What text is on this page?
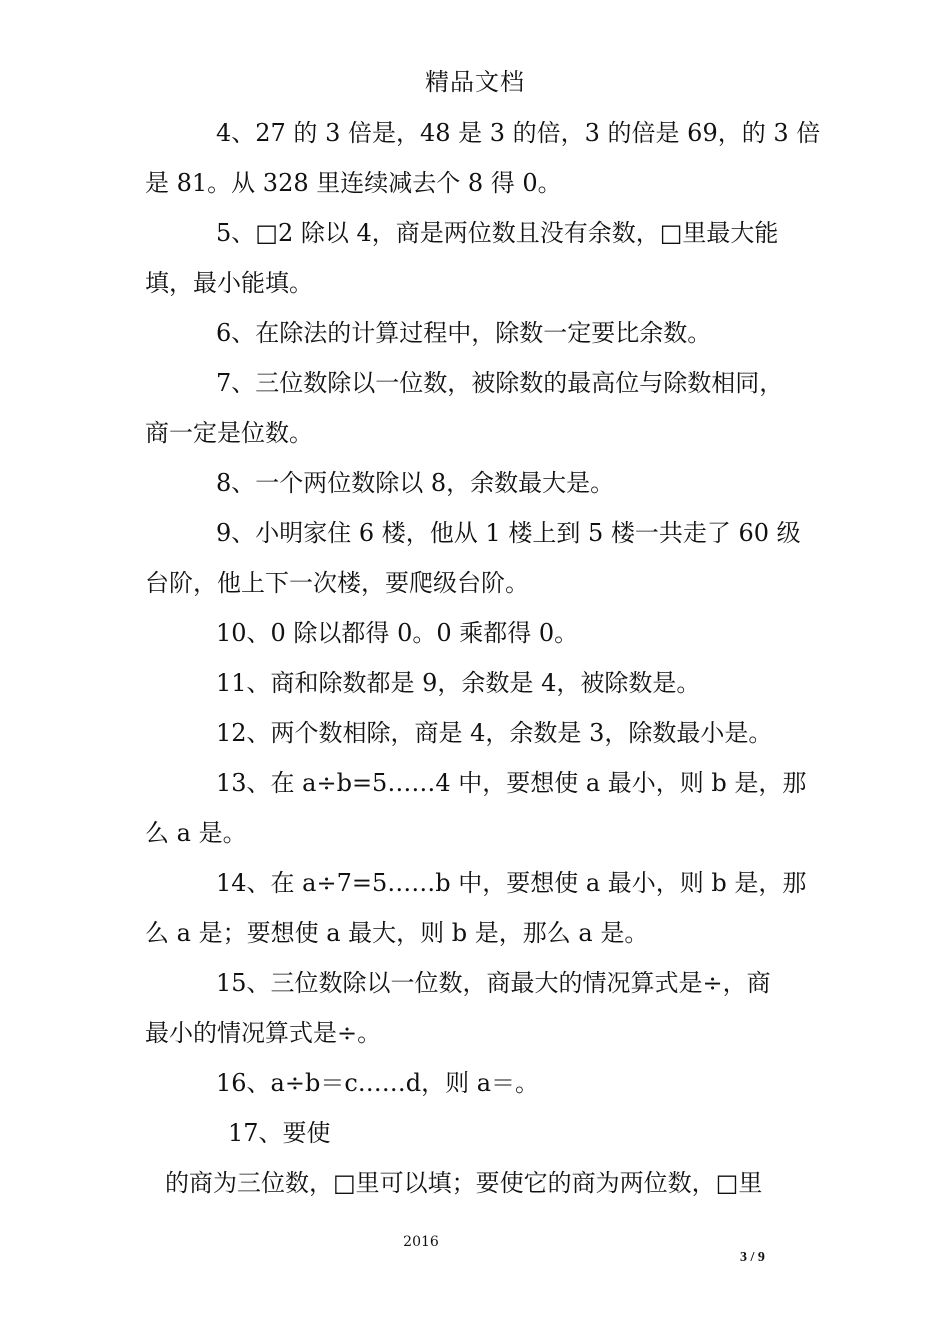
精品文档
4、27 的 3 倍是，48 是 3 的倍，3 的倍是 69，的 3 倍
是 81。从 328 里连续减去个 8 得 0。
5、□2 除以 4，商是两位数且没有余数，□里最大能
填，最小能填。
6、在除法的计算过程中，除数一定要比余数。
7、三位数除以一位数，被除数的最高位与除数相同，
商一定是位数。
8、一个两位数除以 8，余数最大是。
9、小明家住 6 楼，他从 1 楼上到 5 楼一共走了 60 级
台阶，他上下一次楼，要爬级台阶。
10、0 除以都得 0。0 乘都得 0。
11、商和除数都是 9，余数是 4，被除数是。
12、两个数相除，商是 4，余数是 3，除数最小是。
13、在 a÷b=5……4 中，要想使 a 最小，则 b 是，那
么 a 是。
14、在 a÷7=5……b 中，要想使 a 最小，则 b 是，那
么 a 是；要想使 a 最大，则 b 是，那么 a 是。
15、三位数除以一位数，商最大的情况算式是÷，商
最小的情况算式是÷。
16、a÷b＝c……d，则 a＝。
17、要使
的商为三位数，□里可以填；要使它的商为两位数，□里
2016
3 / 9
